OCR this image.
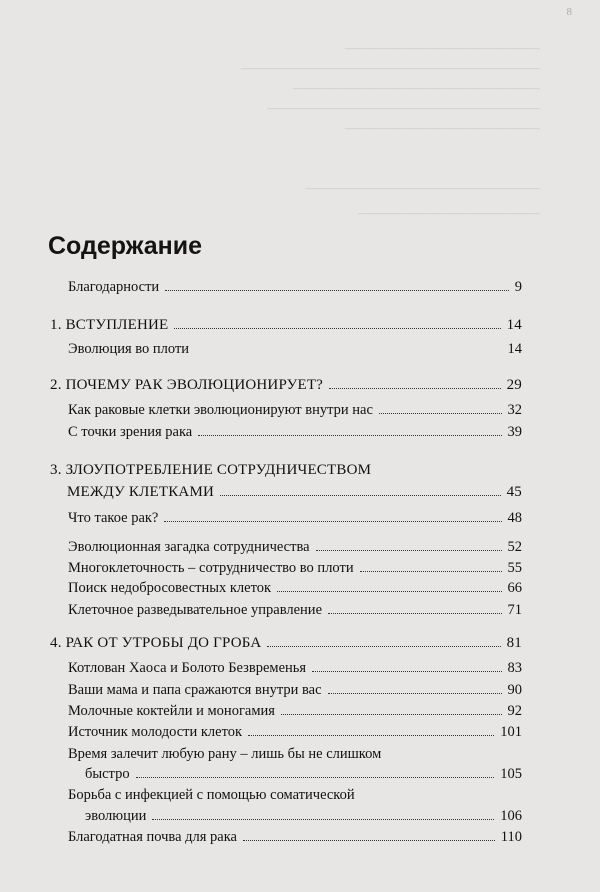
———————————————
———————————————————————
———————————————————
—————————————————————
———————————————
——————————————————
——————————————
8
Содержание
Благодарности	9
1. ВСТУПЛЕНИЕ	14
Эволюция во плоти	14
2. ПОЧЕМУ РАК ЭВОЛЮЦИОНИРУЕТ?	29
Как раковые клетки эволюционируют внутри нас	32
С точки зрения рака	39
3. ЗЛОУПОТРЕБЛЕНИЕ СОТРУДНИЧЕСТВОМ
МЕЖДУ КЛЕТКАМИ	45
Что такое рак?	48
Эволюционная загадка сотрудничества	52
Многоклеточность – сотрудничество во плоти	55
Поиск недобросовестных клеток	66
Клеточное разведывательное управление	71
4. РАК ОТ УТРОБЫ ДО ГРОБА	81
Котлован Хаоса и Болото Безвременья	83
Ваши мама и папа сражаются внутри вас	90
Молочные коктейли и моногамия	92
Источник молодости клеток	101
Время залечит любую рану – лишь бы не слишком
быстро	105
Борьба с инфекцией с помощью соматической
эволюции	106
Благодатная почва для рака	110
